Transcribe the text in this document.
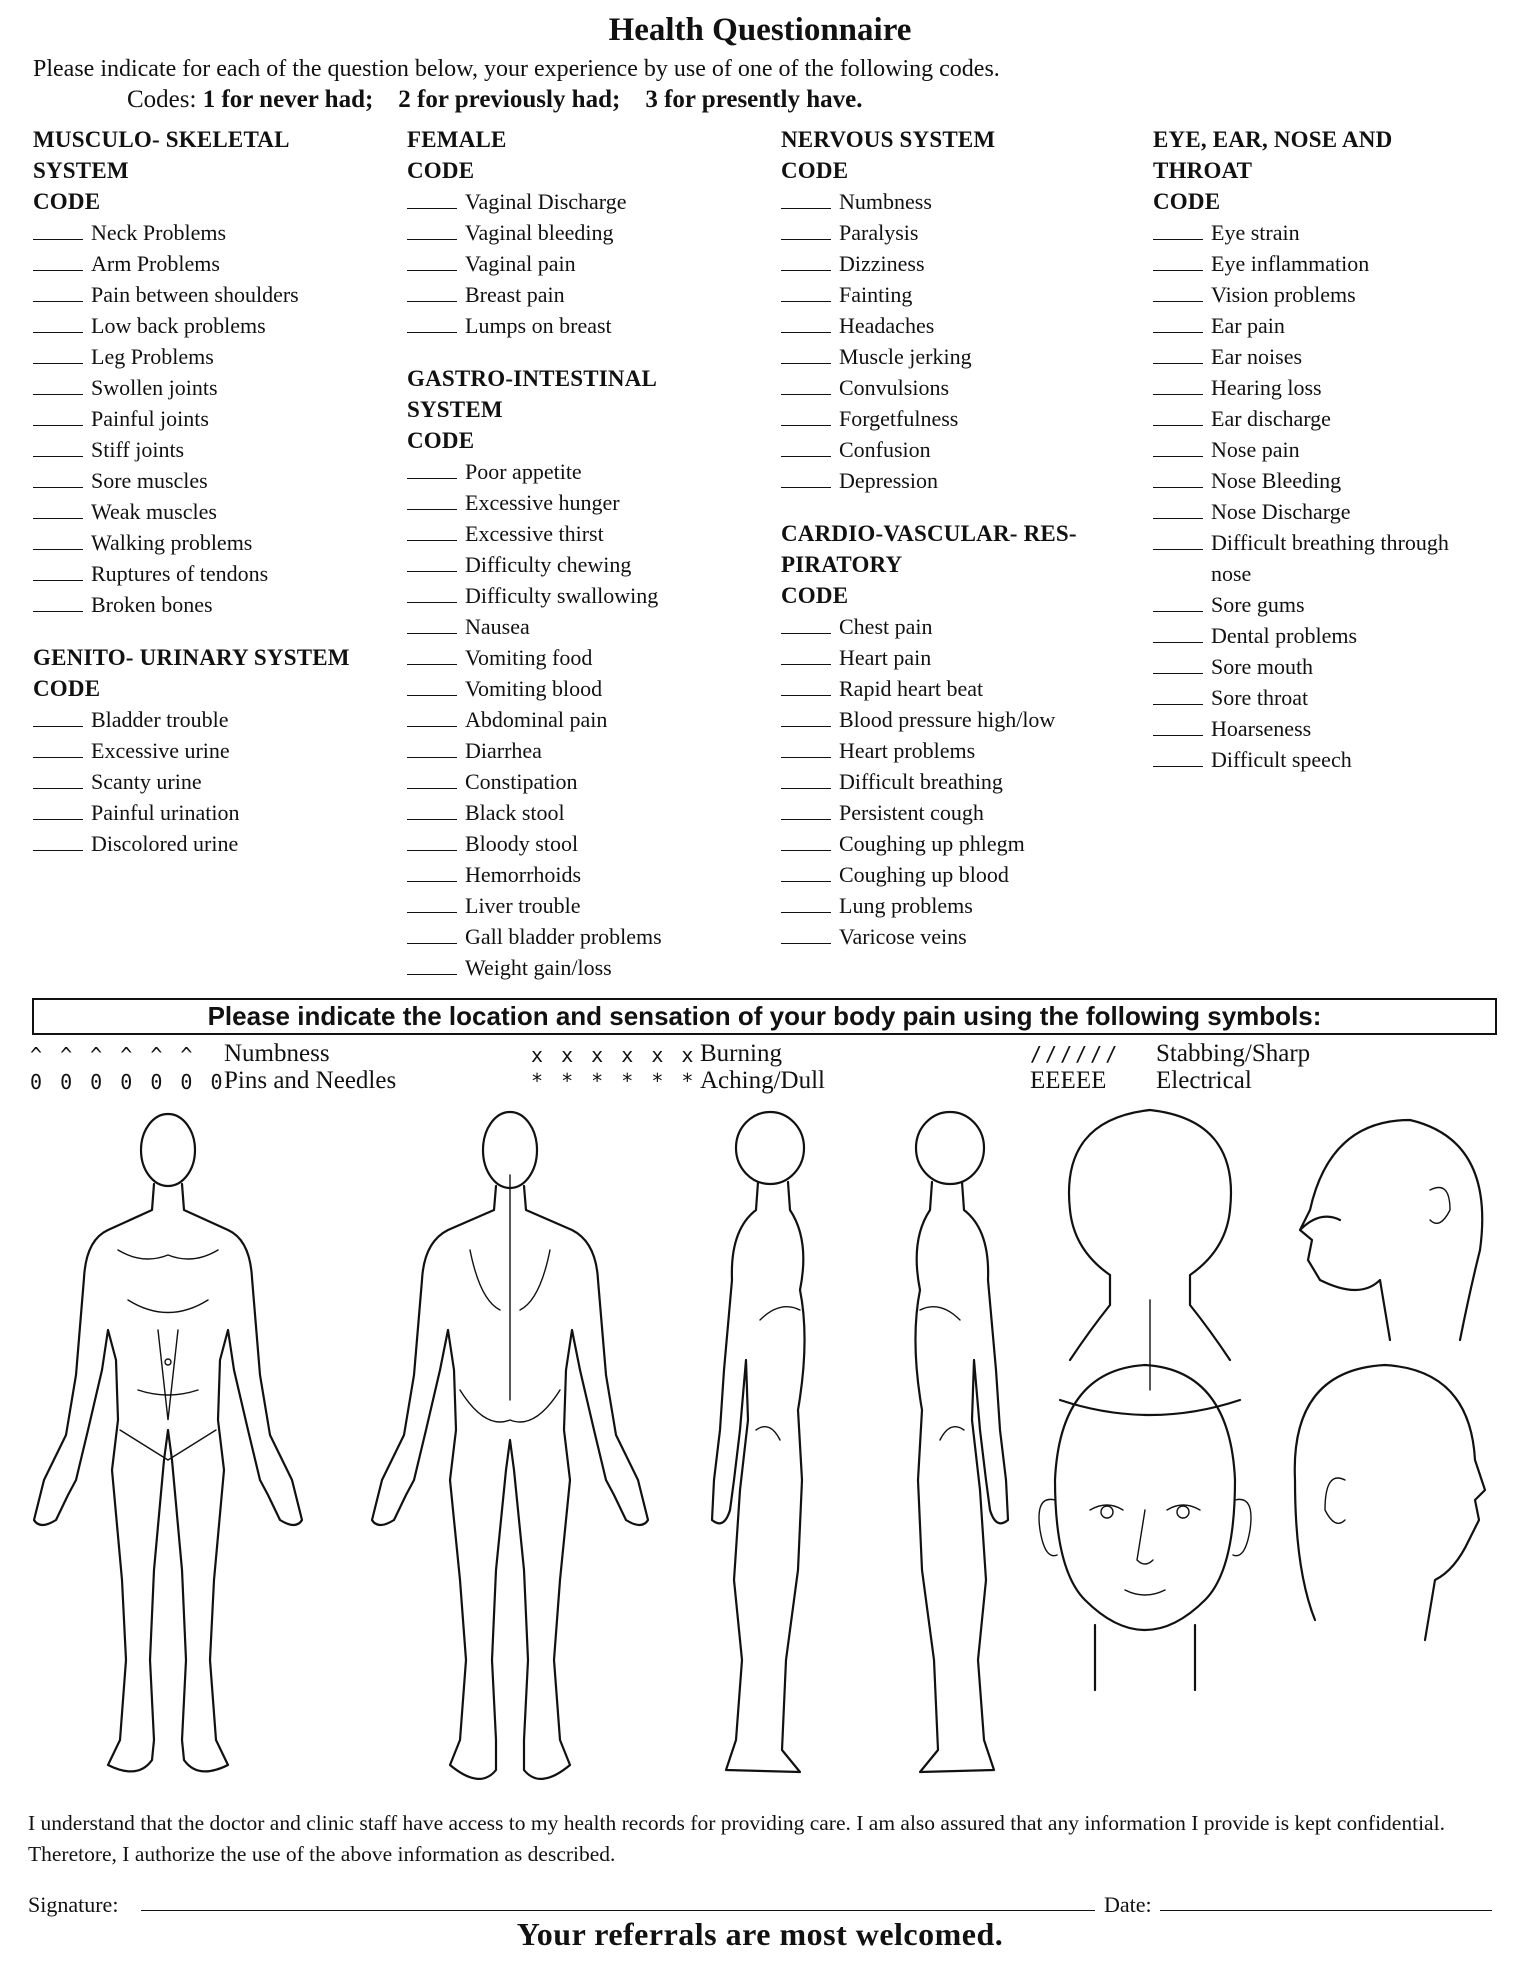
Health Questionnaire
Please indicate for each of the question below, your experience by use of one of the following codes.
Codes: 1 for never had; 2 for previously had; 3 for presently have.
MUSCULO- SKELETAL
SYSTEM
CODE
Neck Problems
Arm Problems
Pain between shoulders
Low back problems
Leg Problems
Swollen joints
Painful joints
Stiff joints
Sore muscles
Weak muscles
Walking problems
Ruptures of tendons
Broken bones
GENITO- URINARY SYSTEM
CODE
Bladder trouble
Excessive urine
Scanty urine
Painful urination
Discolored urine
FEMALE
CODE
Vaginal Discharge
Vaginal bleeding
Vaginal pain
Breast pain
Lumps on breast
GASTRO-INTESTINAL
SYSTEM
CODE
Poor appetite
Excessive hunger
Excessive thirst
Difficulty chewing
Difficulty swallowing
Nausea
Vomiting food
Vomiting blood
Abdominal pain
Diarrhea
Constipation
Black stool
Bloody stool
Hemorrhoids
Liver trouble
Gall bladder problems
Weight gain/loss
NERVOUS SYSTEM
CODE
Numbness
Paralysis
Dizziness
Fainting
Headaches
Muscle jerking
Convulsions
Forgetfulness
Confusion
Depression
CARDIO-VASCULAR- RES-
PIRATORY
CODE
Chest pain
Heart pain
Rapid heart beat
Blood pressure high/low
Heart problems
Difficult breathing
Persistent cough
Coughing up phlegm
Coughing up blood
Lung problems
Varicose veins
EYE, EAR, NOSE AND
THROAT
CODE
Eye strain
Eye inflammation
Vision problems
Ear pain
Ear noises
Hearing loss
Ear discharge
Nose pain
Nose Bleeding
Nose Discharge
Difficult breathing through
nose
Sore gums
Dental problems
Sore mouth
Sore throat
Hoarseness
Difficult speech
Please indicate the location and sensation of your body pain using the following symbols:
^ ^ ^ ^ ^ ^ Numbness
0 0 0 0 0 0 0
Pins and Needles
x x x x x x Burning
* * * * * * Aching/Dull
////// Stabbing/Sharp
EEEEE Electrical
I understand that the doctor and clinic staff have access to my health records for providing care. I am also assured that any information I provide is kept confidential. Theretore, I authorize the use of the above information as described.
Signature:	Date:
Your referrals are most welcomed.
